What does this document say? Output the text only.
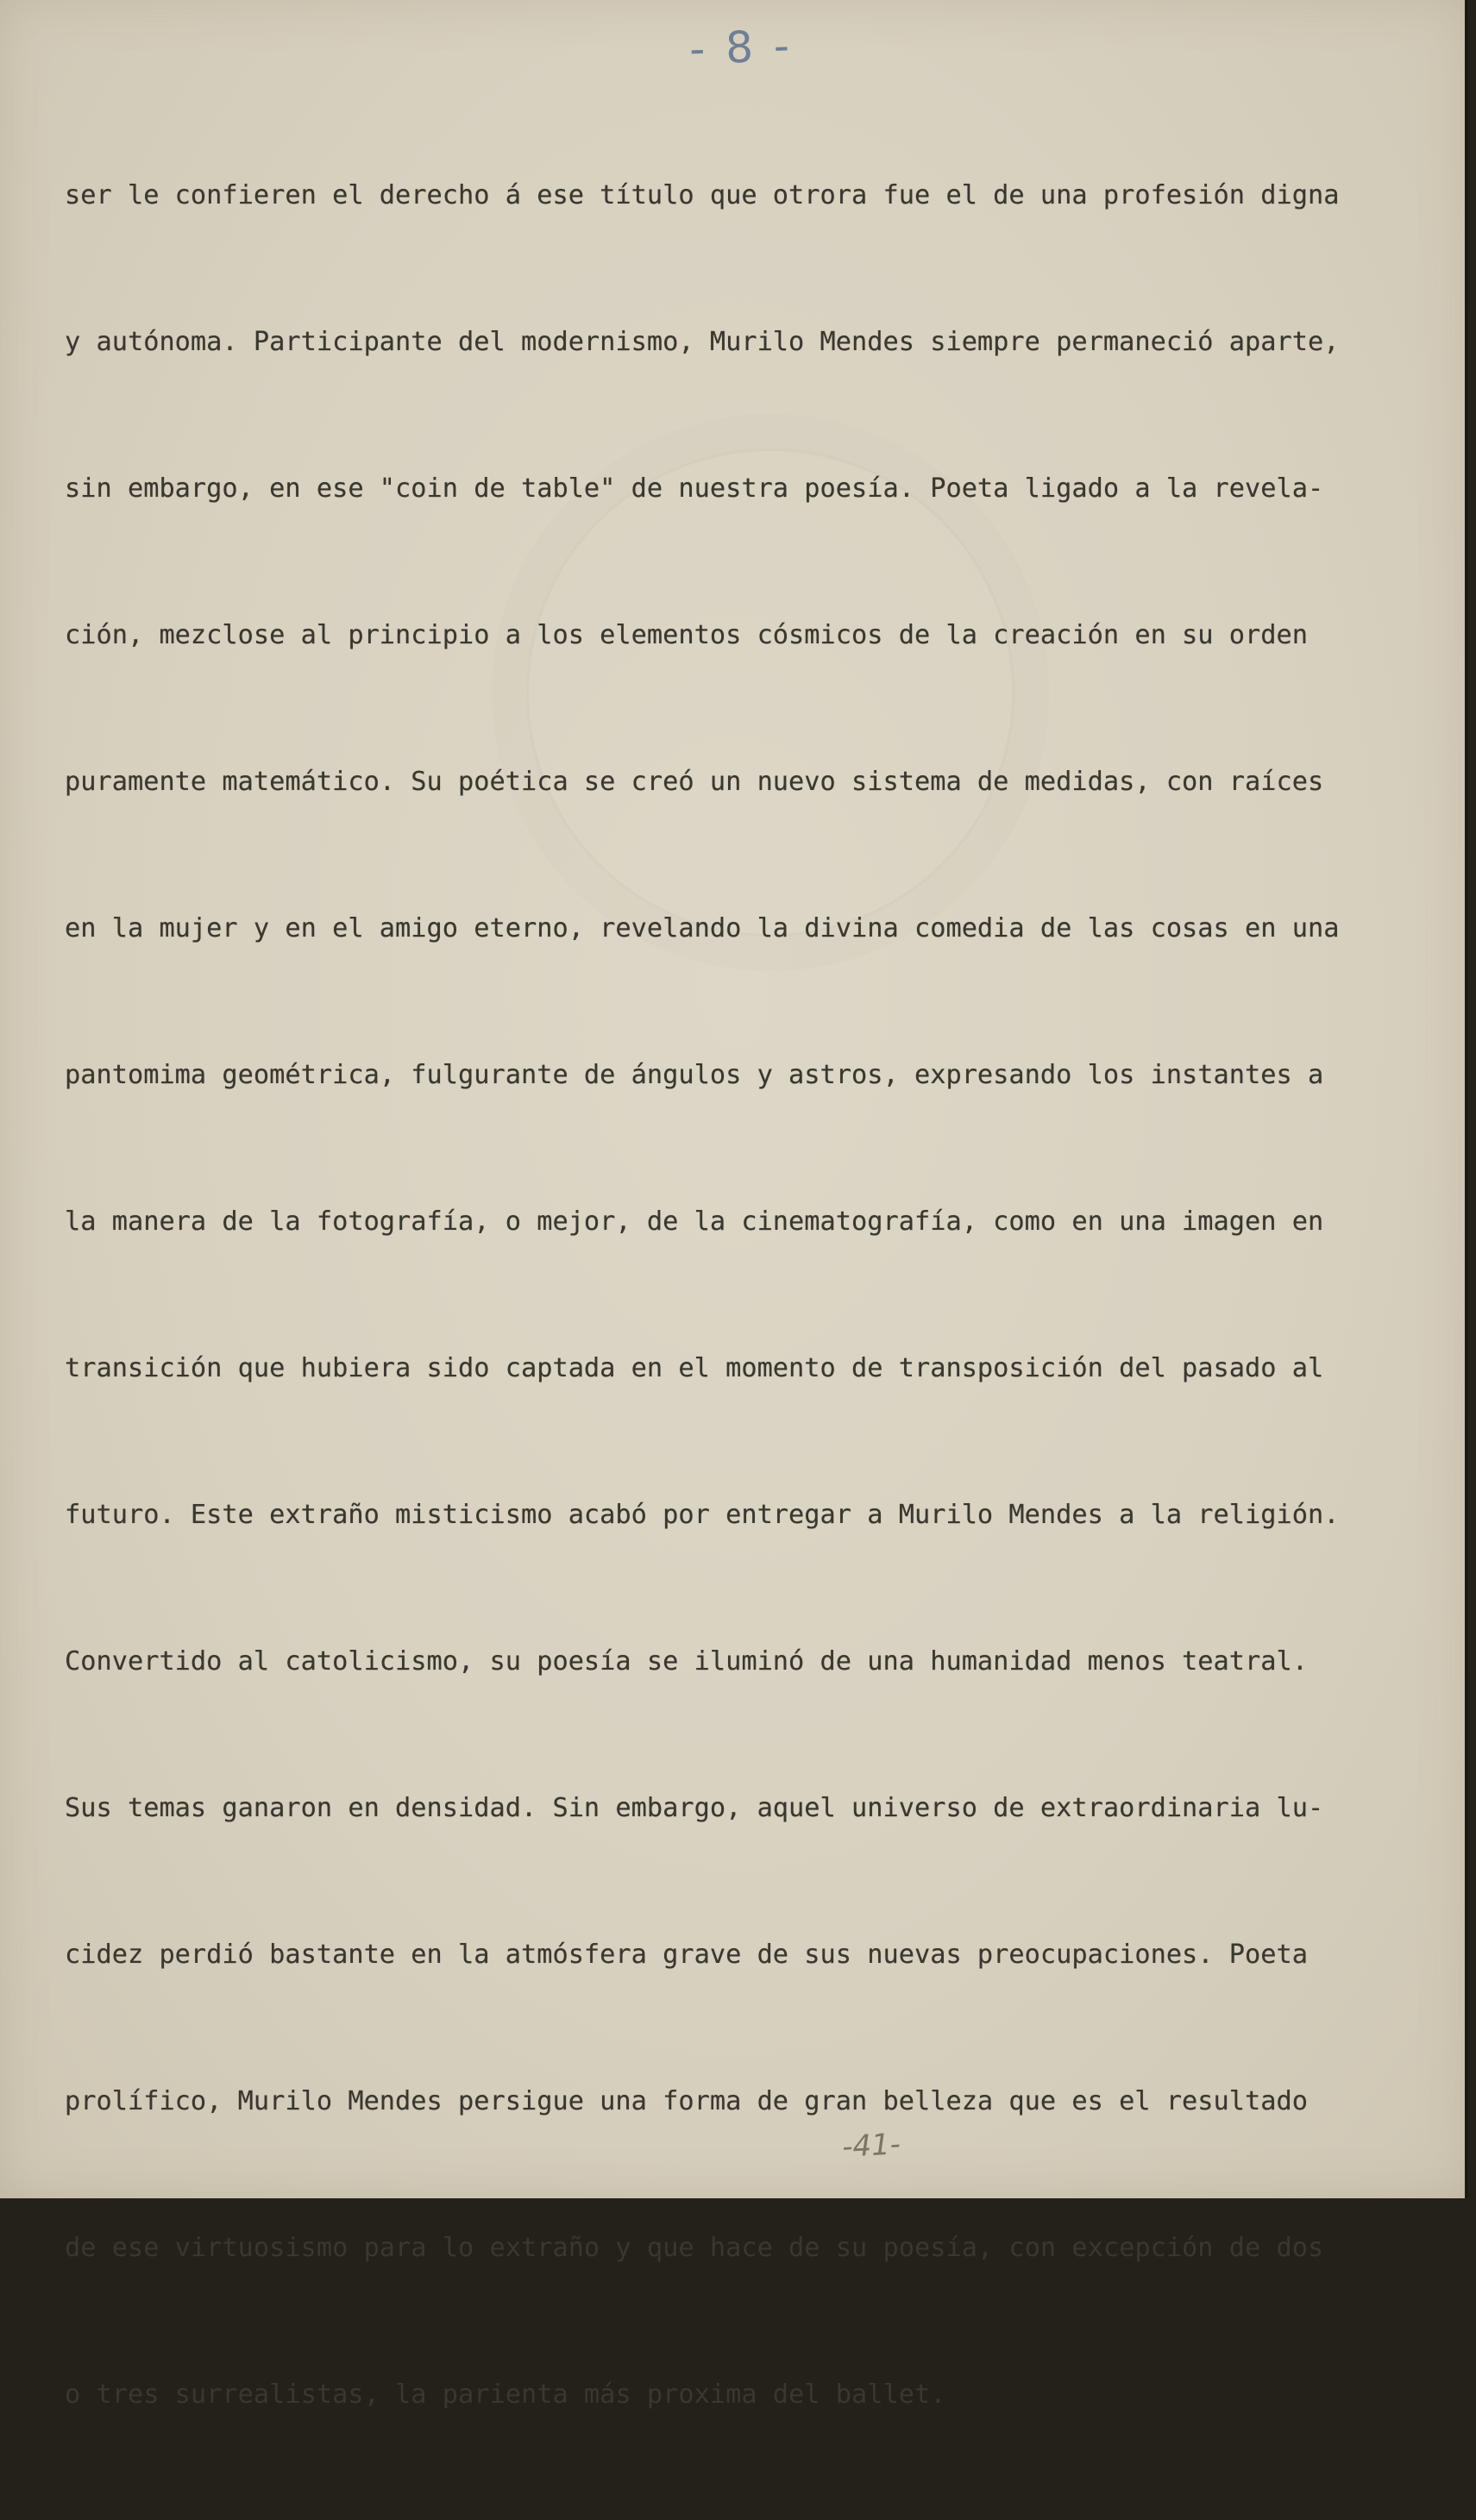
- 8 -

ser le confieren el derecho á ese título que otrora fue el de una profesión digna

y autónoma. Participante del modernismo, Murilo Mendes siempre permaneció aparte,

sin embargo, en ese "coin de table" de nuestra poesía. Poeta ligado a la revela-

ción, mezclose al principio a los elementos cósmicos de la creación en su orden

puramente matemático. Su poética se creó un nuevo sistema de medidas, con raíces

en la mujer y en el amigo eterno, revelando la divina comedia de las cosas en una

pantomima geométrica, fulgurante de ángulos y astros, expresando los instantes a

la manera de la fotografía, o mejor, de la cinematografía, como en una imagen en

transición que hubiera sido captada en el momento de transposición del pasado al

futuro. Este extraño misticismo acabó por entregar a Murilo Mendes a la religión.

Convertido al catolicismo, su poesía se iluminó de una humanidad menos teatral.

Sus temas ganaron en densidad. Sin embargo, aquel universo de extraordinaria lu-

cidez perdió bastante en la atmósfera grave de sus nuevas preocupaciones. Poeta

prolífico, Murilo Mendes persigue una forma de gran belleza que es el resultado

de ese virtuosismo para lo extraño y que hace de su poesía, con excepción de dos

o tres surrealistas, la parienta más proxima del ballet.

-41-
